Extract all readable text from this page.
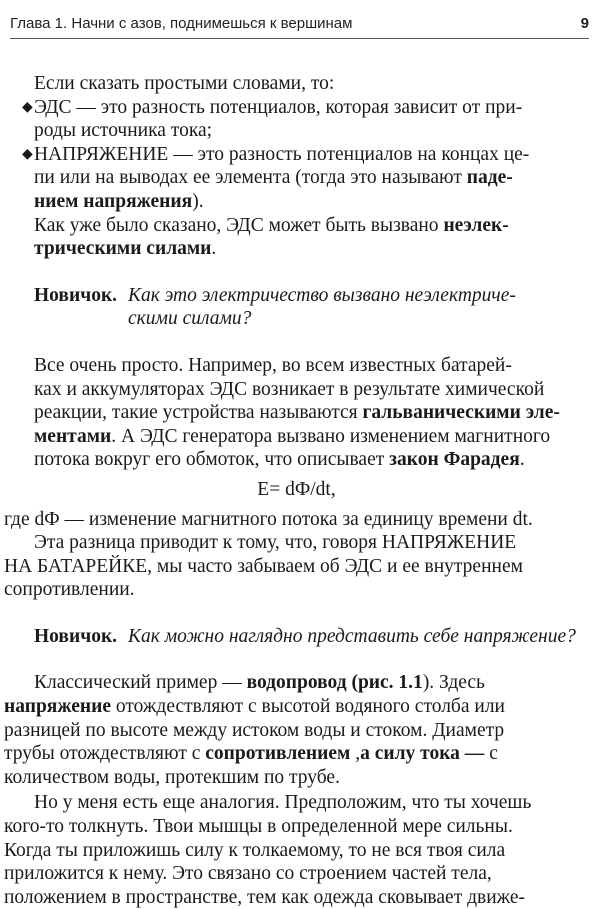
Глава 1. Начни с азов, поднимешься к вершинам	9

Если сказать простыми словами, то:

◆ ЭДС — это разность потенциалов, которая зависит от при-

роды источника тока;

◆ НАПРЯЖЕНИЕ — это разность потенциалов на концах це-

пи или на выводах ее элемента (тогда это называют паде-

нием напряжения).

Как уже было сказано, ЭДС может быть вызвано неэлек-

трическими силами.

Новичок. Как это электричество вызвано неэлектриче-
скими силами?

Все очень просто. Например, во всем известных батарей-

ках и аккумуляторах ЭДС возникает в результате химической

реакции, такие устройства называются гальваническими эле-

ментами. А ЭДС генератора вызвано изменением магнитного

потока вокруг его обмоток, что описывает закон Фарадея.

E= dФ/dt,

где dФ — изменение магнитного потока за единицу времени dt.

Эта разница приводит к тому, что, говоря НАПРЯЖЕНИЕ

НА БАТАРЕЙКЕ, мы часто забываем об ЭДС и ее внутреннем

сопротивлении.

Новичок. Как можно наглядно представить себе напряжение?

Классический пример — водопровод (рис. 1.1). Здесь

напряжение отождествляют с высотой водяного столба или

разницей по высоте между истоком воды и стоком. Диаметр

трубы отождествляют с сопротивлением ,а силу тока — с

количеством воды, протекшим по трубе.

Но у меня есть еще аналогия. Предположим, что ты хочешь

кого-то толкнуть. Твои мышцы в определенной мере сильны.

Когда ты приложишь силу к толкаемому, то не вся твоя сила

приложится к нему. Это связано со строением частей тела,

положением в пространстве, тем как одежда сковывает движе-
